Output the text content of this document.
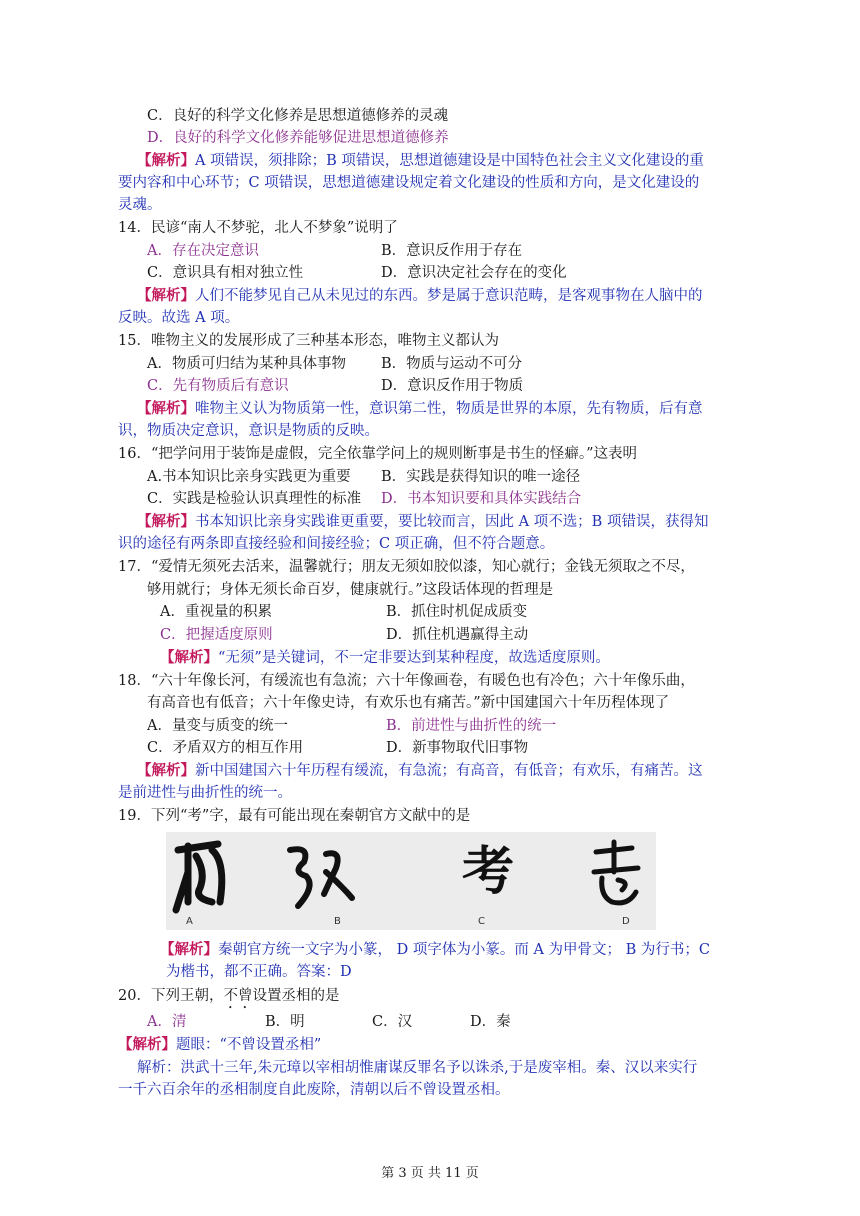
C．良好的科学文化修养是思想道德修养的灵魂
D．良好的科学文化修养能够促进思想道德修养
【解析】A 项错误，须排除；B 项错误，思想道德建设是中国特色社会主义文化建设的重
要内容和中心环节；C 项错误，思想道德建设规定着文化建设的性质和方向，是文化建设的
灵魂。
14．民谚“南人不梦驼，北人不梦象”说明了
A．存在决定意识	B．意识反作用于存在
C．意识具有相对独立性	D．意识决定社会存在的变化
【解析】人们不能梦见自己从未见过的东西。梦是属于意识范畴，是客观事物在人脑中的
反映。故选 A 项。
15．唯物主义的发展形成了三种基本形态，唯物主义都认为
A．物质可归结为某种具体事物 B．物质与运动不可分
C．先有物质后有意识	D．意识反作用于物质
【解析】唯物主义认为物质第一性，意识第二性，物质是世界的本原，先有物质，后有意
识，物质决定意识，意识是物质的反映。
16．“把学问用于装饰是虚假，完全依靠学问上的规则断事是书生的怪癖。”这表明
A.书本知识比亲身实践更为重要 B．实践是获得知识的唯一途径
C．实践是检验认识真理性的标准 D．书本知识要和具体实践结合
【解析】书本知识比亲身实践谁更重要，要比较而言，因此 A 项不选；B 项错误，获得知
识的途径有两条即直接经验和间接经验；C 项正确，但不符合题意。
17．“爱情无须死去活来，温馨就行；朋友无须如胶似漆，知心就行；金钱无须取之不尽，
够用就行；身体无须长命百岁，健康就行。”这段话体现的哲理是
A．重视量的积累	B．抓住时机促成质变
C．把握适度原则	D．抓住机遇赢得主动
【解析】“无须”是关键词，不一定非要达到某种程度，故选适度原则。
18．“六十年像长河，有缓流也有急流；六十年像画卷，有暖色也有冷色；六十年像乐曲，
有高音也有低音；六十年像史诗，有欢乐也有痛苦。”新中国建国六十年历程体现了
A．量变与质变的统一	B．前进性与曲折性的统一
C．矛盾双方的相互作用	D．新事物取代旧事物
【解析】新中国建国六十年历程有缓流，有急流；有高音，有低音；有欢乐，有痛苦。这
是前进性与曲折性的统一。
19．下列“考”字，最有可能出现在秦朝官方文献中的是
考
A	B	C	D
【解析】秦朝官方统一文字为小篆， D 项字体为小篆。而 A 为甲骨文； B 为行书；C
为楷书，都不正确。答案：D
20．下列王朝，不曾设置丞相的是
A．清	B．明	C．汉	D．秦
【解析】题眼：“不曾设置丞相”
解析：洪武十三年,朱元璋以宰相胡惟庸谋反罪名予以诛杀,于是废宰相。秦、汉以来实行
一千六百余年的丞相制度自此废除，清朝以后不曾设置丞相。
第 3 页 共 11 页
